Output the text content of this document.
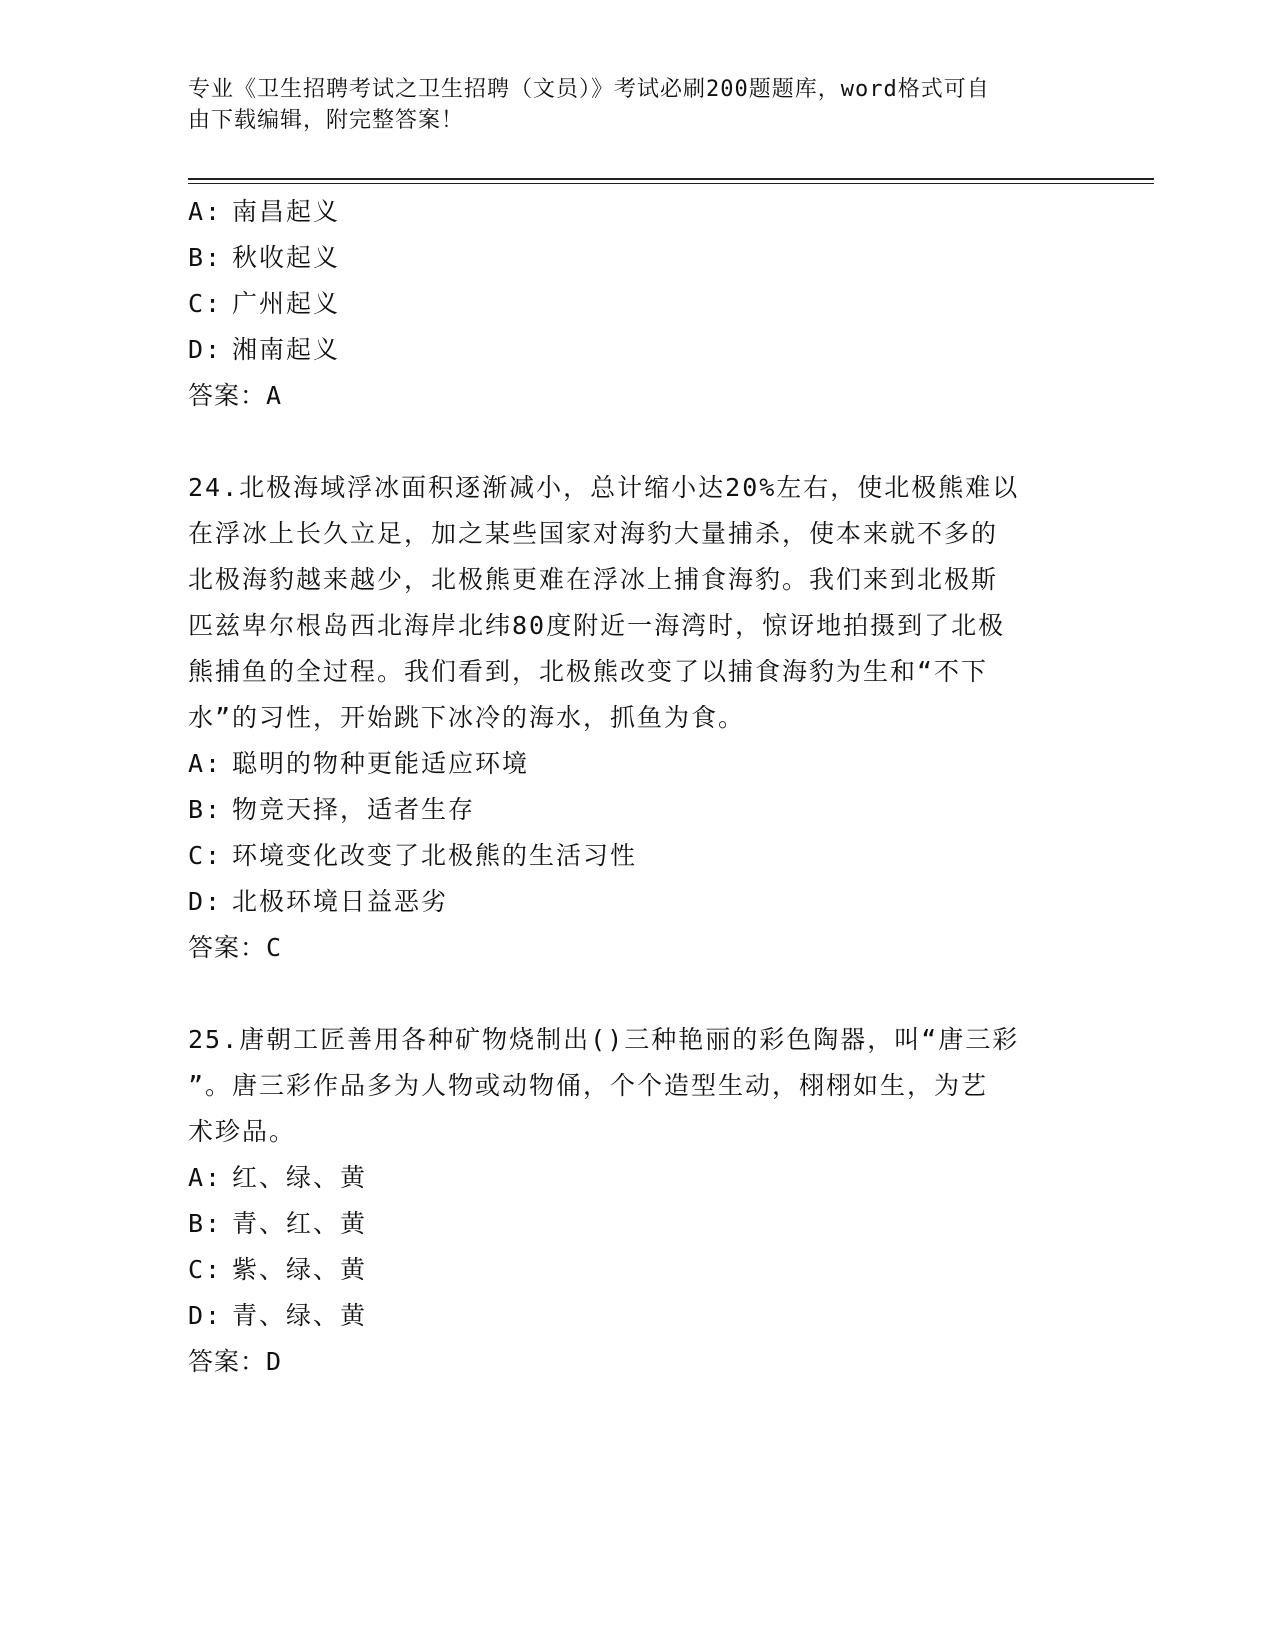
专业《卫生招聘考试之卫生招聘（文员）》考试必刷200题题库，word格式可自
由下载编辑，附完整答案！

A: 南昌起义

B: 秋收起义

C: 广州起义

D: 湘南起义

答案：A

24.北极海域浮冰面积逐渐减小，总计缩小达20%左右，使北极熊难以

在浮冰上长久立足，加之某些国家对海豹大量捕杀，使本来就不多的

北极海豹越来越少，北极熊更难在浮冰上捕食海豹。我们来到北极斯

匹兹卑尔根岛西北海岸北纬80度附近一海湾时，惊讶地拍摄到了北极

熊捕鱼的全过程。我们看到，北极熊改变了以捕食海豹为生和“不下

水”的习性，开始跳下冰冷的海水，抓鱼为食。

A: 聪明的物种更能适应环境

B: 物竞天择，适者生存

C: 环境变化改变了北极熊的生活习性

D: 北极环境日益恶劣

答案：C

25.唐朝工匠善用各种矿物烧制出()三种艳丽的彩色陶器，叫“唐三彩

”。唐三彩作品多为人物或动物俑，个个造型生动，栩栩如生，为艺

术珍品。

A: 红、绿、黄

B: 青、红、黄

C: 紫、绿、黄

D: 青、绿、黄

答案：D
